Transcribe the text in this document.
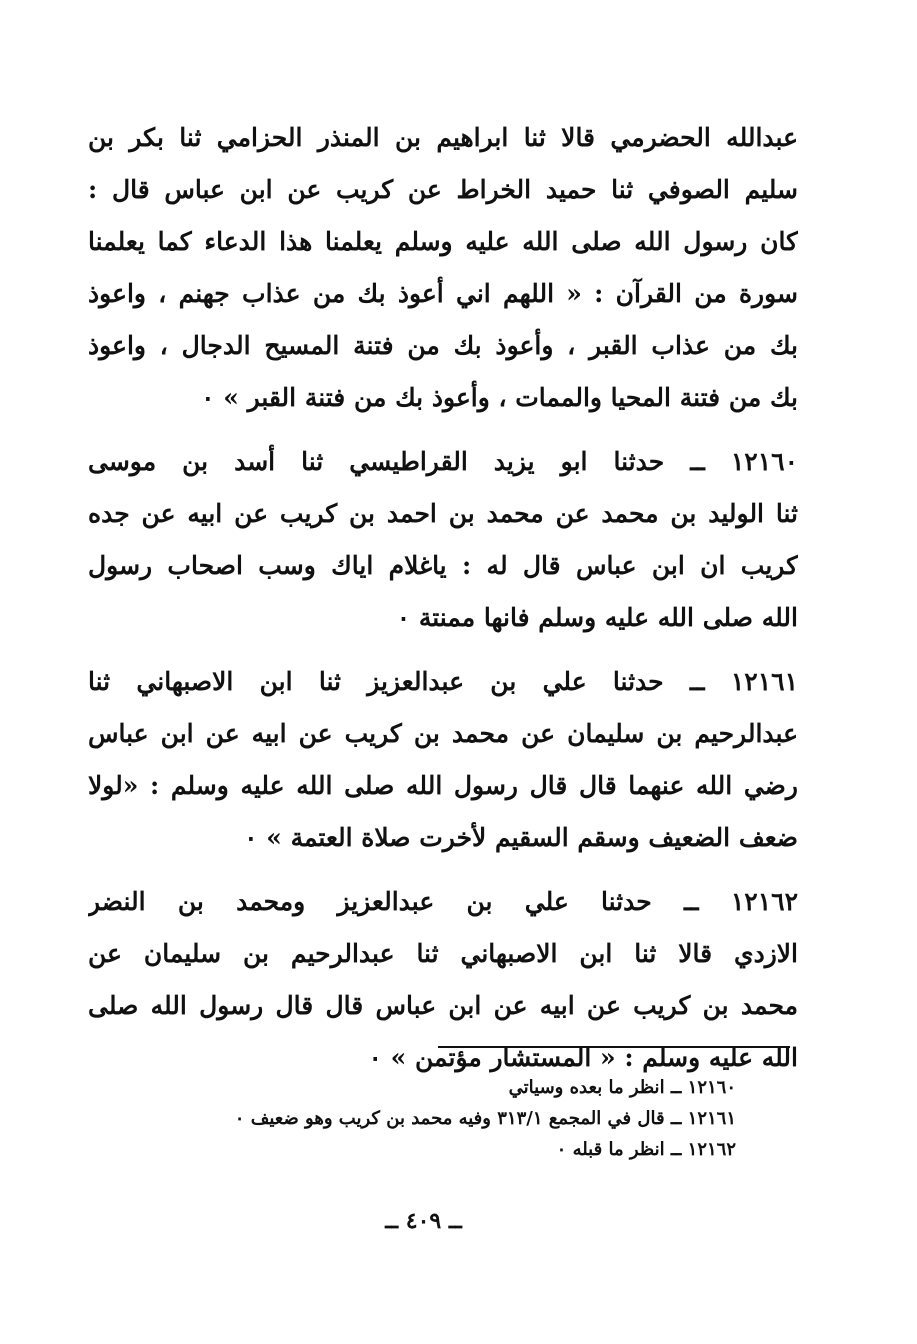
عبدالله الحضرمي قالا ثنا ابراهيم بن المنذر الحزامي ثنا بكر بن
سليم الصوفي ثنا حميد الخراط عن كريب عن ابن عباس قال :
كان رسول الله صلى الله عليه وسلم يعلمنا هذا الدعاء كما يعلمنا
سورة من القرآن : « اللهم اني أعوذ بك من عذاب جهنم ، واعوذ
بك من عذاب القبر ، وأعوذ بك من فتنة المسيح الدجال ، واعوذ
بك من فتنة المحيا والممات ، وأعوذ بك من فتنة القبر » ٠
١٢١٦٠ ــ حدثنا ابو يزيد القراطيسي ثنا أسد بن موسى
ثنا الوليد بن محمد عن محمد بن احمد بن كريب عن ابيه عن جده
كريب ان ابن عباس قال له : ياغلام اياك وسب اصحاب رسول
الله صلى الله عليه وسلم فانها ممنتة ٠
١٢١٦١ ــ حدثنا علي بن عبدالعزيز ثنا ابن الاصبهاني ثنا
عبدالرحيم بن سليمان عن محمد بن كريب عن ابيه عن ابن عباس
رضي الله عنهما قال قال رسول الله صلى الله عليه وسلم : «لولا
ضعف الضعيف وسقم السقيم لأخرت صلاة العتمة » ٠
١٢١٦٢ ــ حدثنا علي بن عبدالعزيز ومحمد بن النضر
الازدي قالا ثنا ابن الاصبهاني ثنا عبدالرحيم بن سليمان عن
محمد بن كريب عن ابيه عن ابن عباس قال قال رسول الله صلى
الله عليه وسلم : « المستشار مؤتمن » ٠
١٢١٦٠ ــ انظر ما بعده وسياتي
١٢١٦١ ــ قال في المجمع ٣١٣/١ وفيه محمد بن كريب وهو ضعيف ٠
١٢١٦٢ ــ انظر ما قبله ٠
ــ ٤٠٩ ــ
